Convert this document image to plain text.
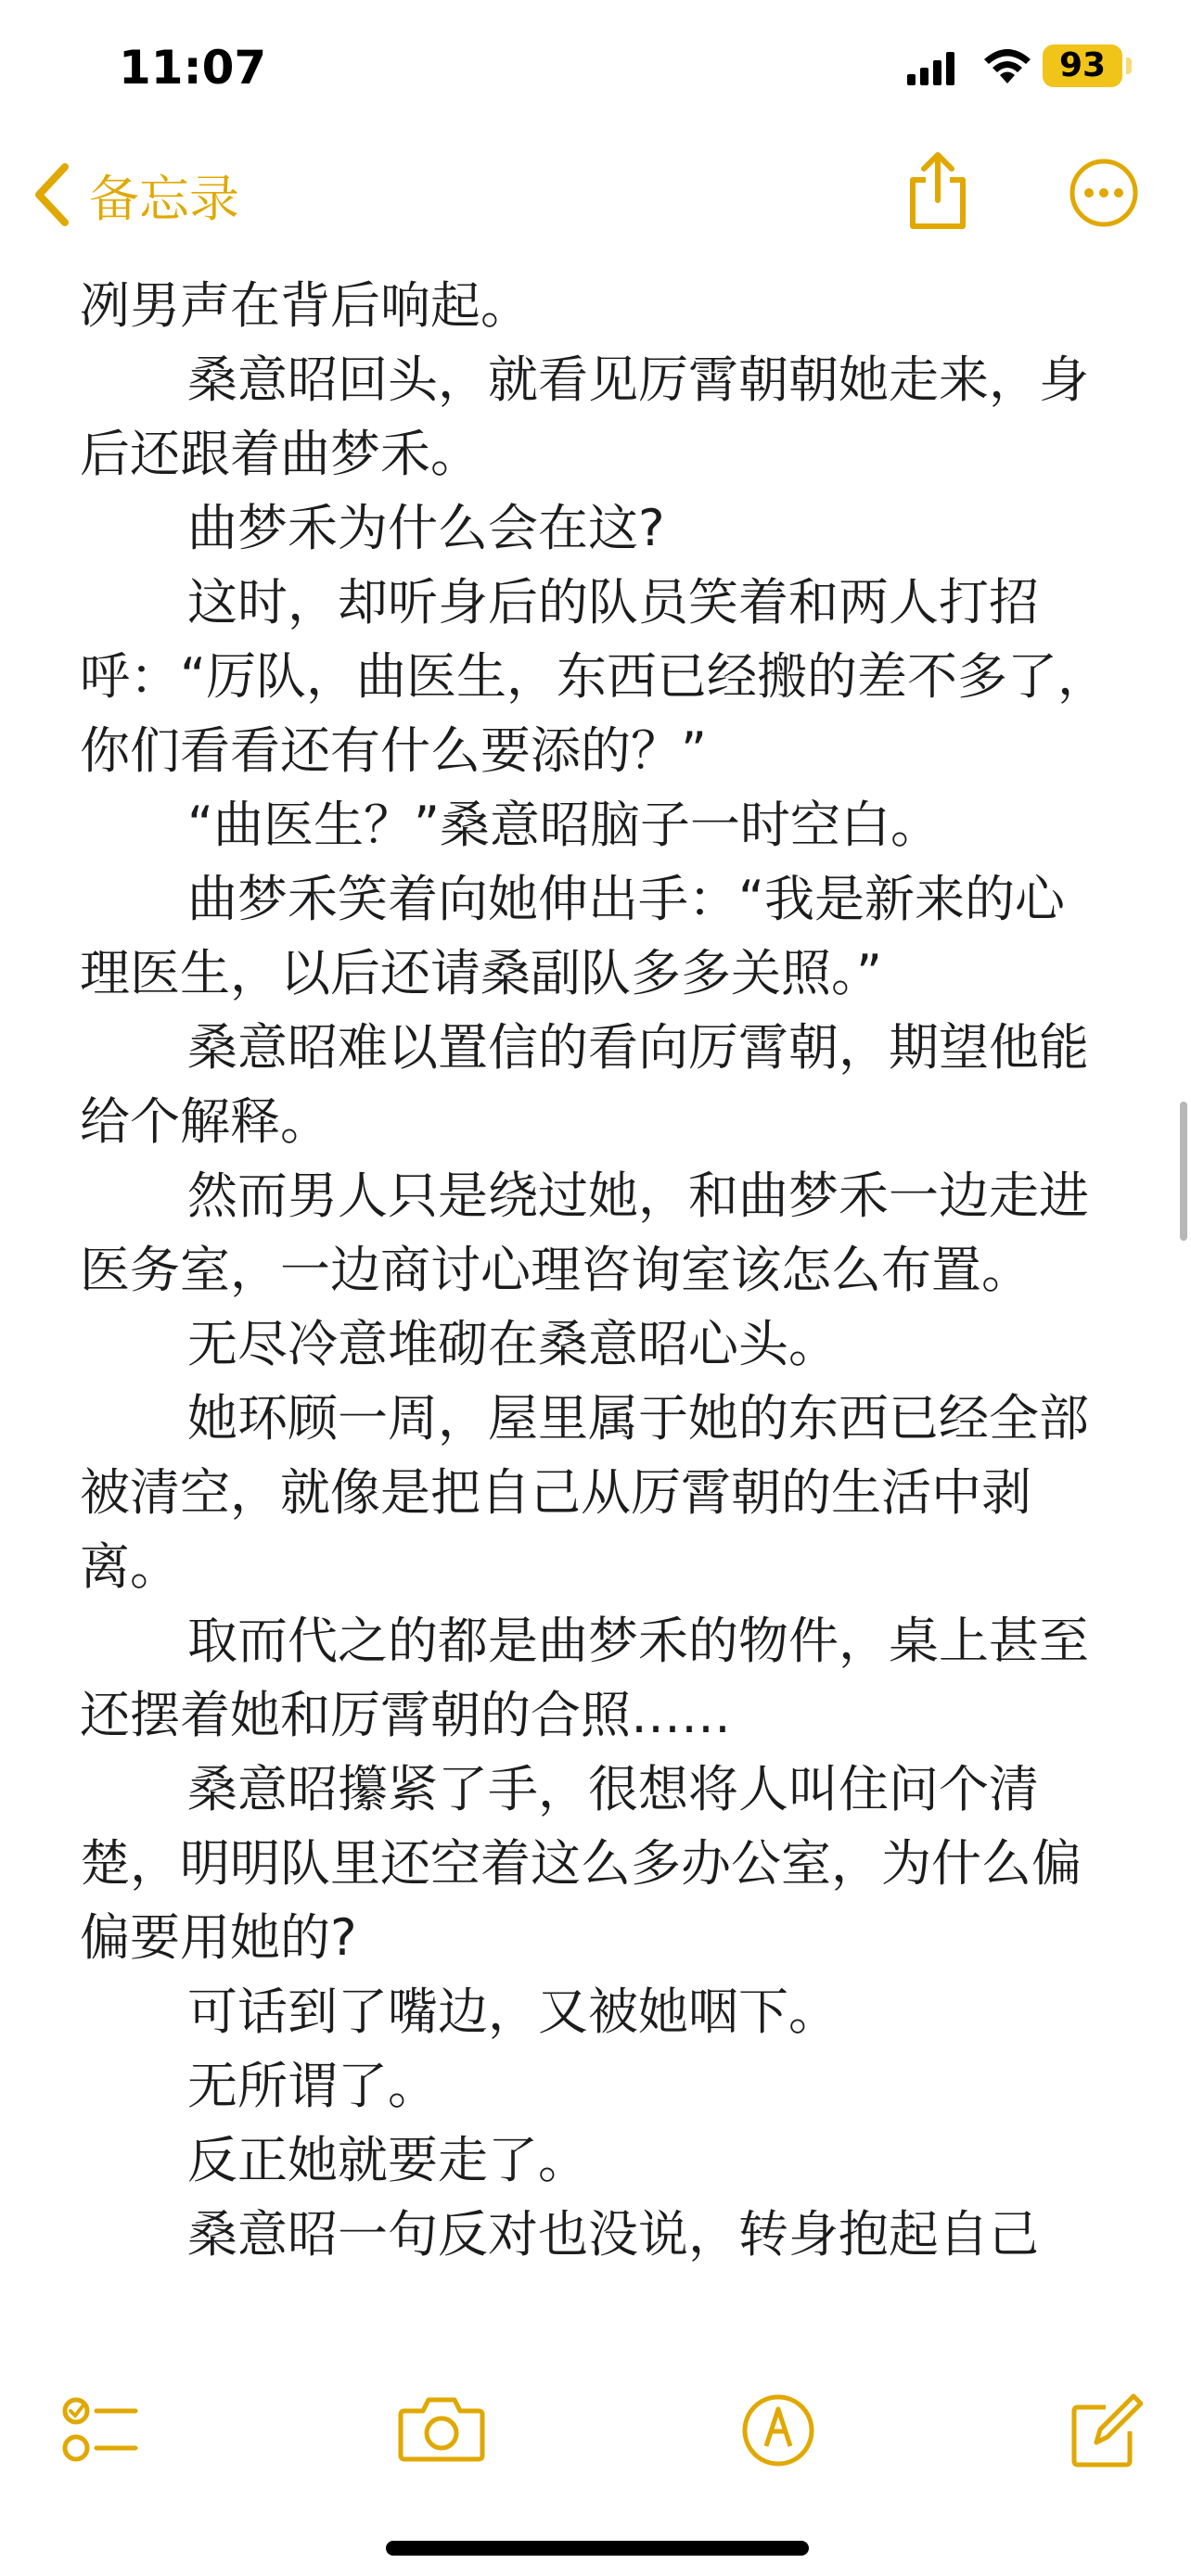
11:07	93
备忘录

冽男声在背后响起。

桑意昭回头，就看见厉霄朝朝她走来，身后还跟着曲梦禾。

曲梦禾为什么会在这?

这时，却听身后的队员笑着和两人打招呼：“厉队，曲医生，东西已经搬的差不多了，你们看看还有什么要添的？”

“曲医生？”桑意昭脑子一时空白。

曲梦禾笑着向她伸出手：“我是新来的心理医生，以后还请桑副队多多关照。”

桑意昭难以置信的看向厉霄朝，期望他能给个解释。

然而男人只是绕过她，和曲梦禾一边走进医务室，一边商讨心理咨询室该怎么布置。

无尽冷意堆砌在桑意昭心头。

她环顾一周，屋里属于她的东西已经全部被清空，就像是把自己从厉霄朝的生活中剥离。

取而代之的都是曲梦禾的物件，桌上甚至还摆着她和厉霄朝的合照……

桑意昭攥紧了手，很想将人叫住问个清楚，明明队里还空着这么多办公室，为什么偏偏要用她的?

可话到了嘴边，又被她咽下。

无所谓了。

反正她就要走了。

桑意昭一句反对也没说，转身抱起自己
